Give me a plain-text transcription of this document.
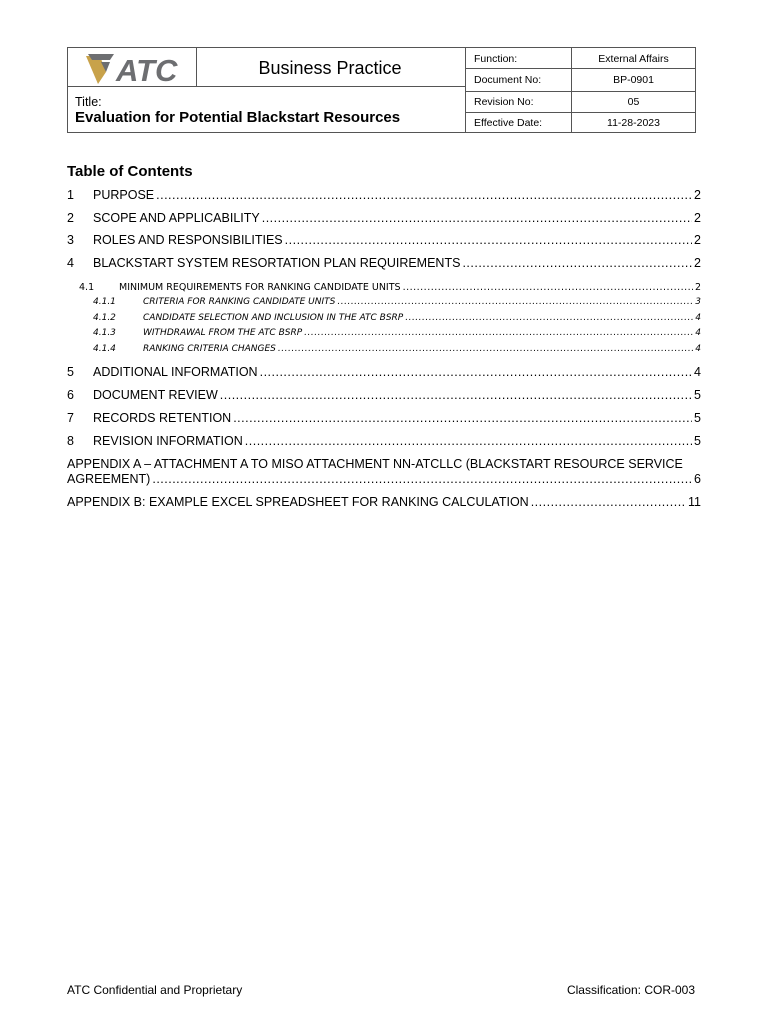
ATC	Business Practice
Title:
Evaluation for Potential Blackstart Resources
Function:	External Affairs
Document No:	BP-0901
Revision No:	05
Effective Date:	11-28-2023
Table of Contents
1	PURPOSE .....	2
2	SCOPE AND APPLICABILITY .....	2
3	ROLES AND RESPONSIBILITIES .....	2
4	BLACKSTART SYSTEM RESORTATION PLAN REQUIREMENTS .....	2
4.1	MINIMUM REQUIREMENTS FOR RANKING CANDIDATE UNITS .....	2
4.1.1	CRITERIA FOR RANKING CANDIDATE UNITS .....	3
4.1.2	CANDIDATE SELECTION AND INCLUSION IN THE ATC BSRP .....	4
4.1.3	WITHDRAWAL FROM THE ATC BSRP .....	4
4.1.4	RANKING CRITERIA CHANGES .....	4
5	ADDITIONAL INFORMATION .....	4
6	DOCUMENT REVIEW .....	5
7	RECORDS RETENTION .....	5
8	REVISION INFORMATION .....	5
APPENDIX A – ATTACHMENT A TO MISO ATTACHMENT NN-ATCLLC (BLACKSTART RESOURCE SERVICE
AGREEMENT) .....	6
APPENDIX B: EXAMPLE EXCEL SPREADSHEET FOR RANKING CALCULATION .....	11
ATC Confidential and Proprietary	Classification: COR-003
